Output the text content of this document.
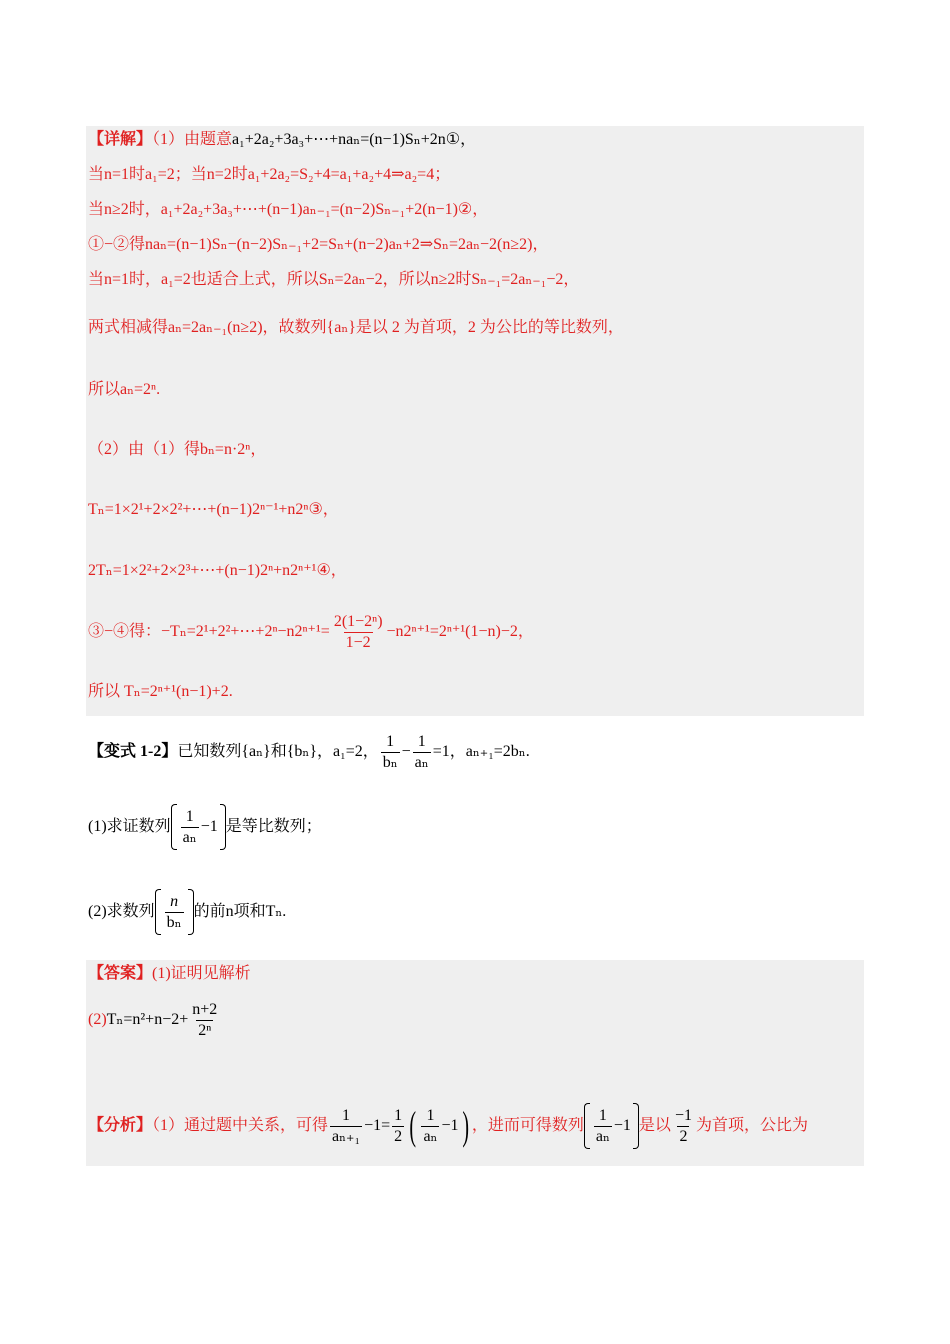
【详解】（1）由题意a₁+2a₂+3a₃+⋯+naₙ=(n−1)Sₙ+2n①，
当n=1时a₁=2；当n=2时a₁+2a₂=S₂+4=a₁+a₂+4⇒a₂=4；
当n≥2时，a₁+2a₂+3a₃+⋯+(n−1)aₙ₋₁=(n−2)Sₙ₋₁+2(n−1)②，
①−②得naₙ=(n−1)Sₙ−(n−2)Sₙ₋₁+2=Sₙ+(n−2)aₙ+2⇒Sₙ=2aₙ−2(n≥2)，
当n=1时，a₁=2也适合上式，所以Sₙ=2aₙ−2，所以n≥2时Sₙ₋₁=2aₙ₋₁−2，
两式相减得aₙ=2aₙ₋₁(n≥2)，故数列{aₙ}是以 2 为首项，2 为公比的等比数列，
所以aₙ=2ⁿ.
（2）由（1）得bₙ=n·2ⁿ，
Tₙ=1×2¹+2×2²+⋯+(n−1)2ⁿ⁻¹+n2ⁿ③，
2Tₙ=1×2²+2×2³+⋯+(n−1)2ⁿ+n2ⁿ⁺¹④，
③−④得：−Tₙ=2¹+2²+⋯+2ⁿ−n2ⁿ⁺¹= $\frac{\text{2(1−2ⁿ)}}{1-2} -n2^{n+1}=2^{n+1}(1-n)-2$，
所以 Tₙ=2ⁿ⁺¹(n−1)+2.
【变式 1-2】已知数列{aₙ}和{bₙ}，a₁=2， $\frac{1}{\text{bₙ}} - \frac{1}{\text{aₙ}} =1$，aₙ₊₁=2bₙ.
(1)求证数列 $\frac{1}{\text{aₙ}} -1$ 是等比数列；
(2)求数列 $\frac{n}{\text{bₙ}}$ 的前n项和Tₙ.
【答案】(1)证明见解析
$(2)T_n=n^2+n-2+ \frac{n+2}{\text{2ⁿ}}$
【分析】（1）通过题中关系，可得 $\frac{1}{\text{aₙ₊₁}} -1= \frac{1}{2}$ ( $\frac{1}{\text{aₙ}} -1$) ，进而可得数列 $\frac{1}{\text{aₙ}} -1$ 是以 $\frac{-1}{2}$ 为首项，公比为
